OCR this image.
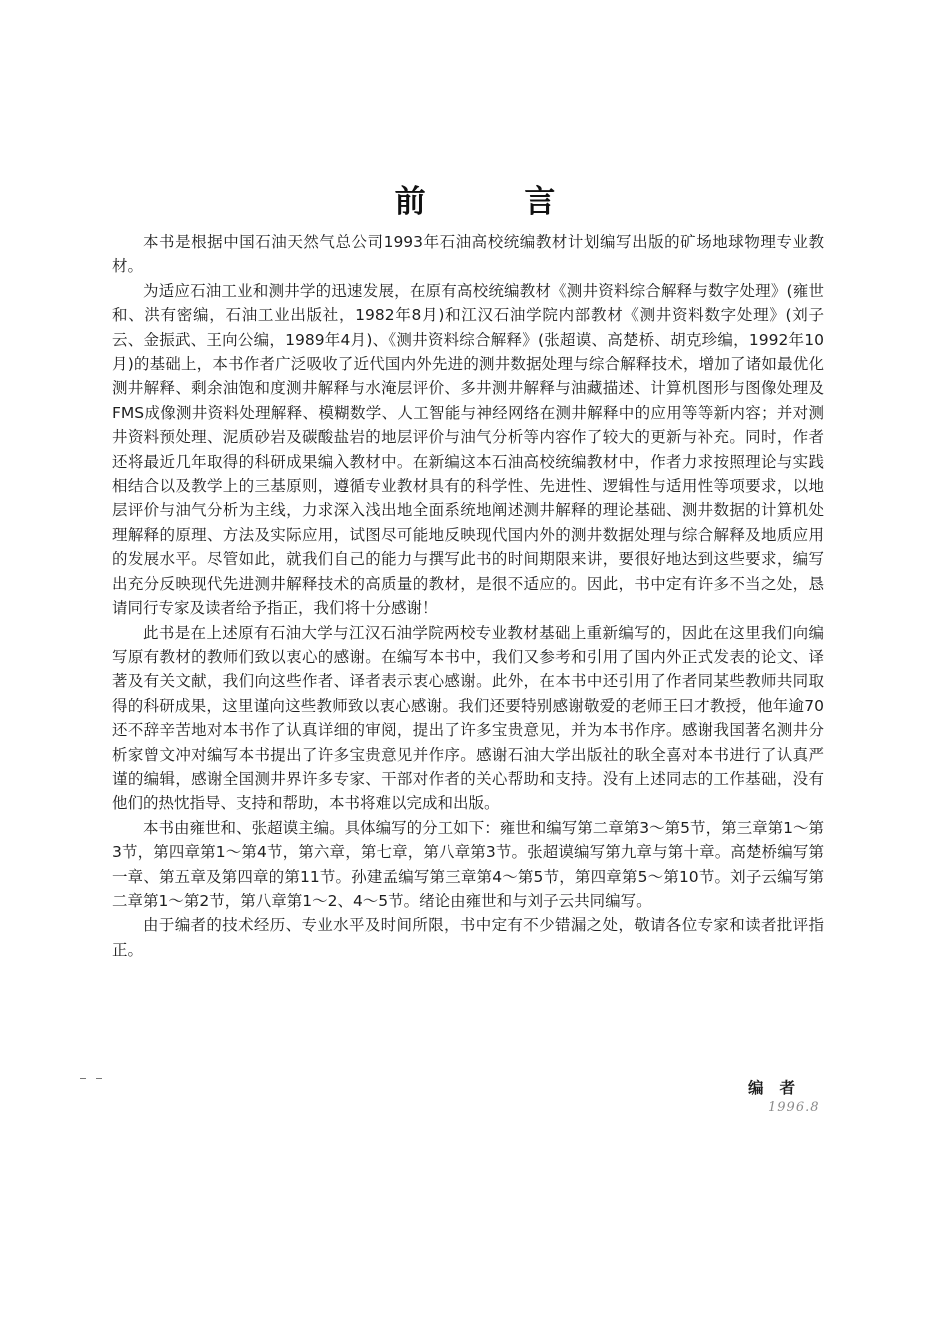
前 言

本书是根据中国石油天然气总公司1993年石油高校统编教材计划编写出版的矿场地球物理专业教材。

为适应石油工业和测井学的迅速发展，在原有高校统编教材《测井资料综合解释与数字处理》(雍世和、洪有密编，石油工业出版社，1982年8月)和江汉石油学院内部教材《测井资料数字处理》(刘子云、金振武、王向公编，1989年4月)、《测井资料综合解释》(张超谟、高楚桥、胡克珍编，1992年10月)的基础上，本书作者广泛吸收了近代国内外先进的测井数据处理与综合解释技术，增加了诸如最优化测井解释、剩余油饱和度测井解释与水淹层评价、多井测井解释与油藏描述、计算机图形与图像处理及FMS成像测井资料处理解释、模糊数学、人工智能与神经网络在测井解释中的应用等等新内容；并对测井资料预处理、泥质砂岩及碳酸盐岩的地层评价与油气分析等内容作了较大的更新与补充。同时，作者还将最近几年取得的科研成果编入教材中。在新编这本石油高校统编教材中，作者力求按照理论与实践相结合以及教学上的三基原则，遵循专业教材具有的科学性、先进性、逻辑性与适用性等项要求，以地层评价与油气分析为主线，力求深入浅出地全面系统地阐述测井解释的理论基础、测井数据的计算机处理解释的原理、方法及实际应用，试图尽可能地反映现代国内外的测井数据处理与综合解释及地质应用的发展水平。尽管如此，就我们自己的能力与撰写此书的时间期限来讲，要很好地达到这些要求，编写出充分反映现代先进测井解释技术的高质量的教材，是很不适应的。因此，书中定有许多不当之处，恳请同行专家及读者给予指正，我们将十分感谢！

此书是在上述原有石油大学与江汉石油学院两校专业教材基础上重新编写的，因此在这里我们向编写原有教材的教师们致以衷心的感谢。在编写本书中，我们又参考和引用了国内外正式发表的论文、译著及有关文献，我们向这些作者、译者表示衷心感谢。此外，在本书中还引用了作者同某些教师共同取得的科研成果，这里谨向这些教师致以衷心感谢。我们还要特别感谢敬爱的老师王曰才教授，他年逾70还不辞辛苦地对本书作了认真详细的审阅，提出了许多宝贵意见，并为本书作序。感谢我国著名测井分析家曾文冲对编写本书提出了许多宝贵意见并作序。感谢石油大学出版社的耿全喜对本书进行了认真严谨的编辑，感谢全国测井界许多专家、干部对作者的关心帮助和支持。没有上述同志的工作基础，没有他们的热忱指导、支持和帮助，本书将难以完成和出版。

本书由雍世和、张超谟主编。具体编写的分工如下：雍世和编写第二章第3～第5节，第三章第1～第3节，第四章第1～第4节，第六章，第七章，第八章第3节。张超谟编写第九章与第十章。高楚桥编写第一章、第五章及第四章的第11节。孙建孟编写第三章第4～第5节，第四章第5～第10节。刘子云编写第二章第1～第2节，第八章第1～2、4～5节。绪论由雍世和与刘子云共同编写。

由于编者的技术经历、专业水平及时间所限，书中定有不少错漏之处，敬请各位专家和读者批评指正。

编者
1996.8
